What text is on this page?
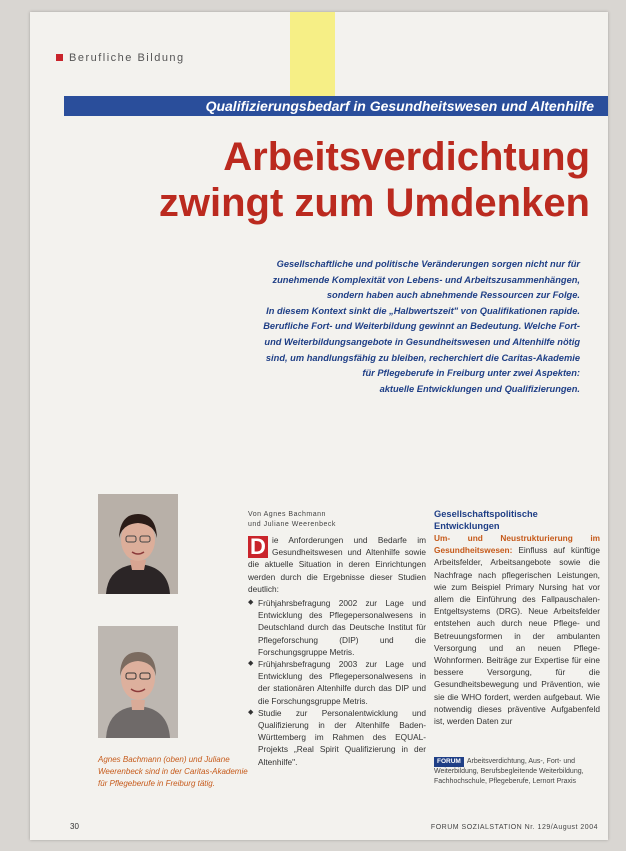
Berufliche Bildung
Qualifizierungsbedarf in Gesundheitswesen und Altenhilfe
Arbeitsverdichtung
zwingt zum Umdenken
Gesellschaftliche und politische Veränderungen sorgen nicht nur für
zunehmende Komplexität von Lebens- und Arbeitszusammenhängen,
sondern haben auch abnehmende Ressourcen zur Folge.
In diesem Kontext sinkt die „Halbwertszeit" von Qualifikationen rapide.
Berufliche Fort- und Weiterbildung gewinnt an Bedeutung. Welche Fort-
und Weiterbildungsangebote in Gesundheitswesen und Altenhilfe nötig
sind, um handlungsfähig zu bleiben, recherchiert die Caritas-Akademie
für Pflegeberufe in Freiburg unter zwei Aspekten:
aktuelle Entwicklungen und Qualifizierungen.
Agnes Bachmann (oben) und Juliane Weerenbeck sind in der Caritas-Akademie für Pflegeberufe in Freiburg tätig.
Von Agnes Bachmann
und Juliane Weerenbeck
D ie Anforderungen und Bedarfe im Gesundheitswesen und Altenhilfe sowie die aktuelle Situation in deren Einrichtungen werden durch die Ergebnisse dieser Studien deutlich:
◆ Frühjahrsbefragung 2002 zur Lage und Entwicklung des Pflegepersonalwesens in Deutschland durch das Deutsche Institut für Pflegeforschung (DIP) und die Forschungsgruppe Metris.
◆ Frühjahrsbefragung 2003 zur Lage und Entwicklung des Pflegepersonalwesens in der stationären Altenhilfe durch das DIP und die Forschungsgruppe Metris.
◆ Studie zur Personalentwicklung und Qualifizierung in der Altenhilfe Baden-Württemberg im Rahmen des EQUAL-Projekts „Real Spirit Qualifizierung in der Altenhilfe".
Gesellschaftspolitische Entwicklungen
Um- und Neustrukturierung im Gesundheitswesen: Einfluss auf künftige Arbeitsfelder, Arbeitsangebote sowie die Nachfrage nach pflegerischen Leistungen, wie zum Beispiel Primary Nursing hat vor allem die Einführung des Fallpauschalen-Entgeltsystems (DRG). Neue Arbeitsfelder entstehen auch durch neue Pflege- und Betreuungsformen in der ambulanten Versorgung und an neuen Pflege-Wohnformen. Beiträge zur Expertise für eine bessere Versorgung, für die Gesundheitsbewegung und Prävention, wie sie die WHO fordert, werden aufgebaut. Wie notwendig dieses präventive Aufgabenfeld ist, werden Daten zur
FORUM Arbeitsverdichtung, Aus-, Fort- und Weiterbildung, Berufsbegleitende Weiterbildung, Fachhochschule, Pflegeberufe, Lernort Praxis
30	FORUM SOZIALSTATION Nr. 129/August 2004
